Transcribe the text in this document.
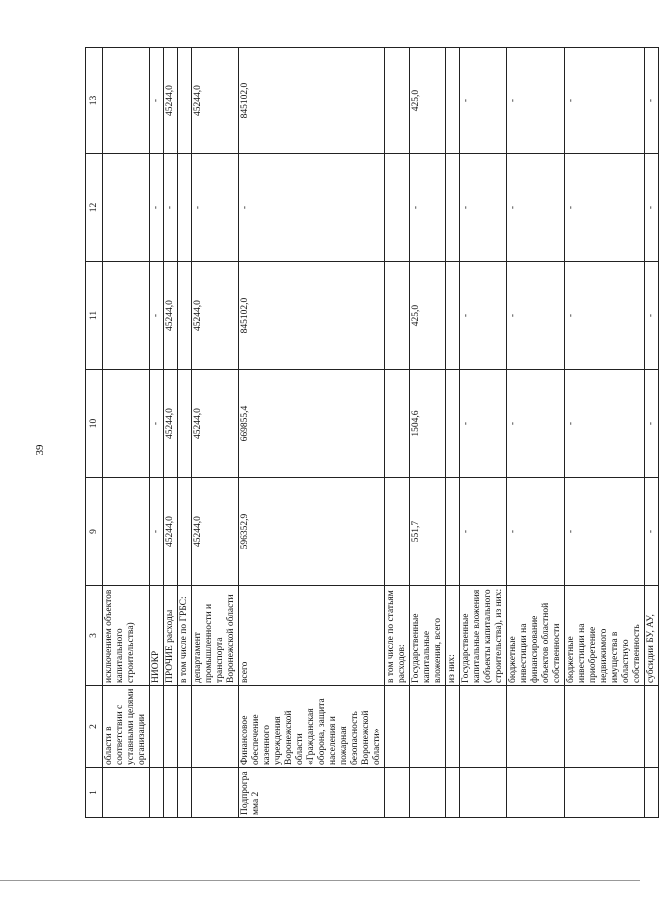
39
1	2	3	9	10	11	12	13
	области в соответствии с уставными целями организации	исключением объектов капитального строительства)					
		НИОКР	-	-	-	-	-
		ПРОЧИЕ расходы	45244,0	45244,0	45244,0	-	45244,0
		в том числе по ГРБС:					
		департамент промышленности и транспорта Воронежской области	45244,0	45244,0	45244,0	-	45244,0
Подпрограмма 2	Финансовое обеспечение казенного учреждения Воронежской области «Гражданская оборона, защита населения и пожарная безопасность Воронежской области»	всего	596352,9	669855,4	845102,0	-	845102,0
		в том числе по статьям расходов:					
		Государственные капитальные вложения, всего	551,7	1504,6	425,0	-	425,0
		из них:					
		Государственные капитальные вложения (объекты капитального строительства), из них:	-	-	-	-	-
		бюджетные инвестиции на финансирование объектов областной собственности	-	-	-	-	-
		бюджетные инвестиции на приобретение недвижимого имущества в областную собственность	-	-	-	-	-
		субсидии БУ, АУ,	-	-	-	-	-
